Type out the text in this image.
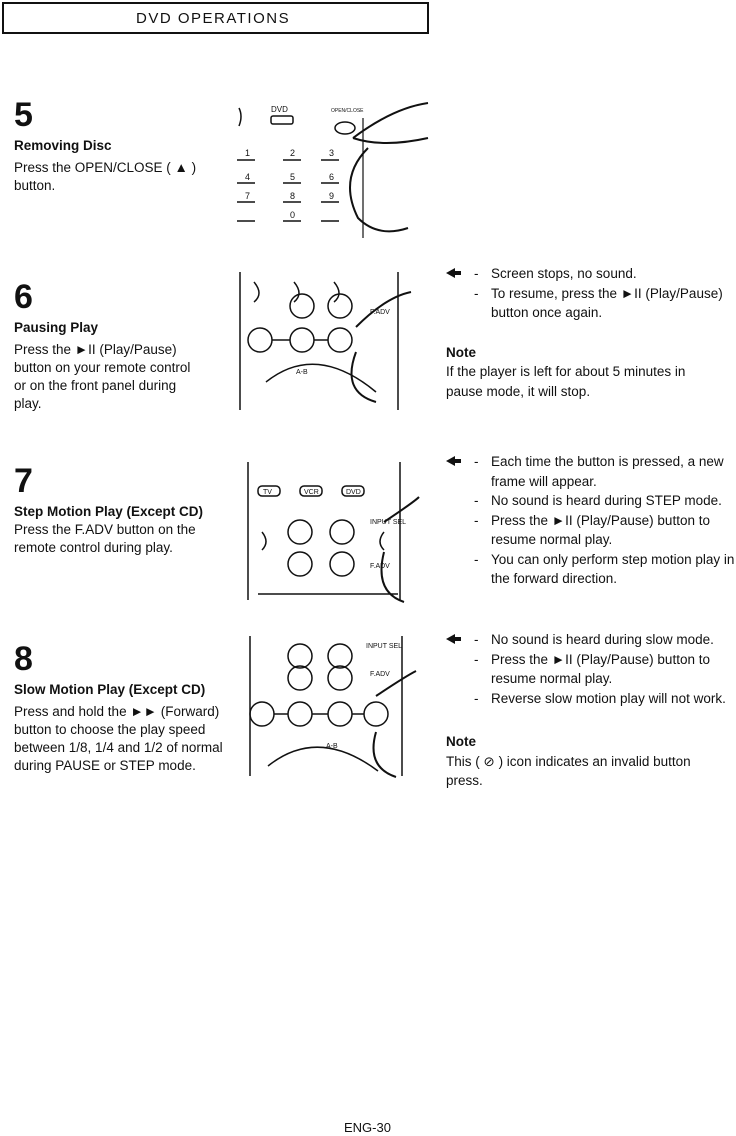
DVD OPERATIONS
5
Removing Disc
Press the OPEN/CLOSE ( ▲ ) button.
1	2	3
4	5	6
7	8	9
0
DVD	OPEN/CLOSE
6
Pausing Play
Press the ►II (Play/Pause) button on your remote control or on the front panel during play.
F.ADV
A-B
- Screen stops, no sound.
- To resume, press the ►II (Play/Pause) button once again.
Note
If the player is left for about 5 minutes in pause mode, it will stop.
7
Step Motion Play (Except CD)
Press the F.ADV button on the remote control during play.
TV	VCR	DVD
INPUT SEL
F.ADV
- Each time the button is pressed, a new frame will appear.
- No sound is heard during STEP mode.
- Press the ►II (Play/Pause) button to resume normal play.
- You can only perform step motion play in the forward direction.
8
Slow Motion Play (Except CD)
Press and hold the ►► (Forward) button to choose the play speed between 1/8, 1/4 and 1/2 of normal during PAUSE or STEP mode.
INPUT SEL
F.ADV
A-B
- No sound is heard during slow mode.
- Press the ►II (Play/Pause) button to resume normal play.
- Reverse slow motion play will not work.
Note
This ( ⊘ ) icon indicates an invalid button press.
ENG-30
